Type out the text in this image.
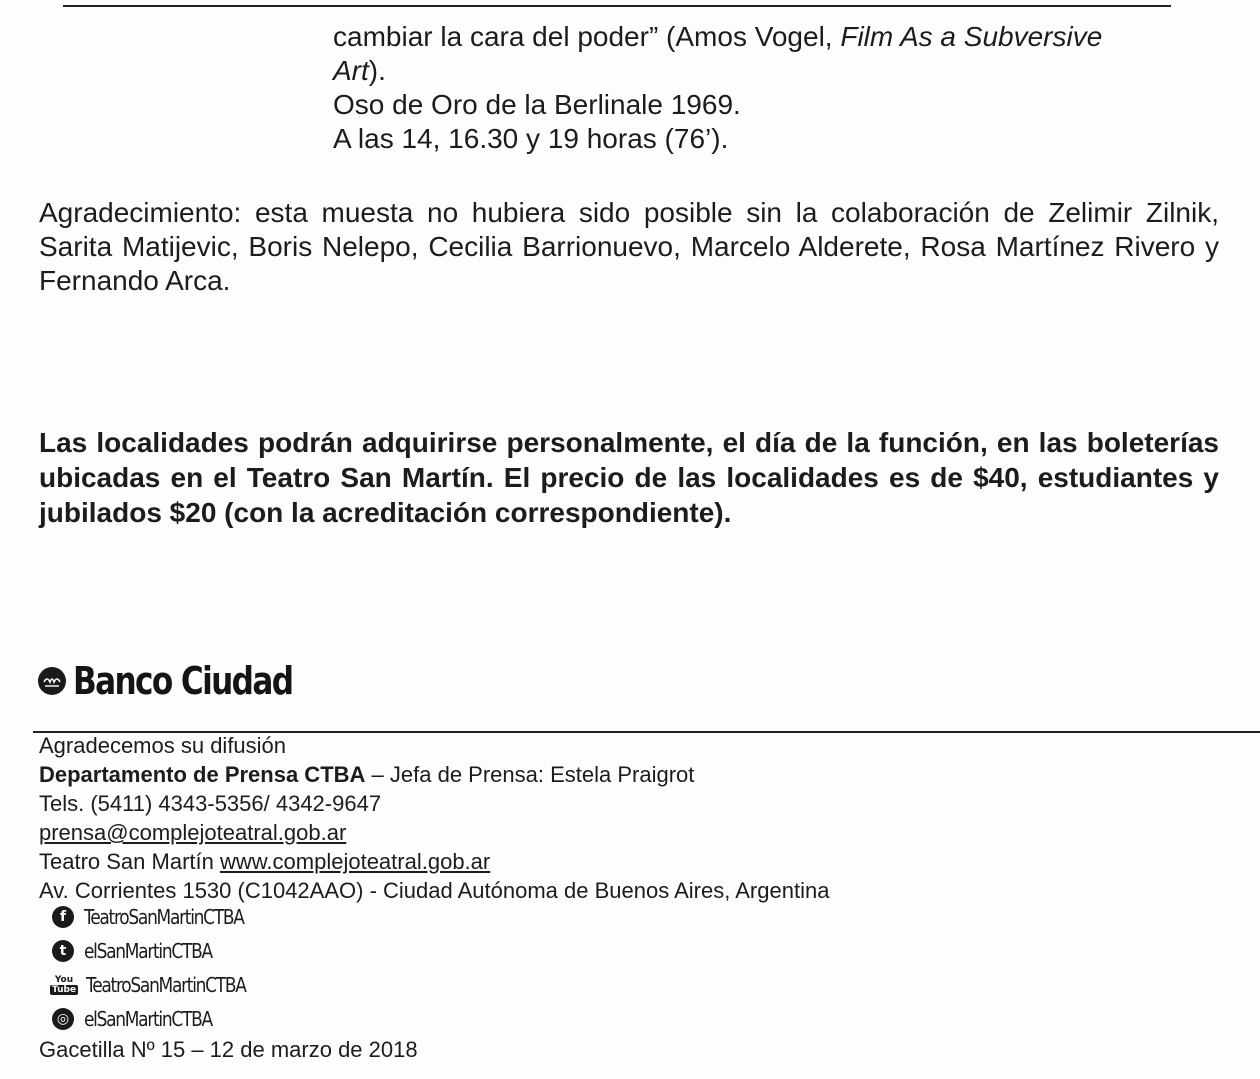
cambiar la cara del poder” (Amos Vogel, Film As a Subversive

Art).

Oso de Oro de la Berlinale 1969.

A las 14, 16.30 y 19 horas (76’).

Agradecimiento: esta muesta no hubiera sido posible sin la colaboración de Zelimir Zilnik, Sarita Matijevic, Boris Nelepo, Cecilia Barrionuevo, Marcelo Alderete, Rosa Martínez Rivero y Fernando Arca.

Las localidades podrán adquirirse personalmente, el día de la función, en las boleterías ubicadas en el Teatro San Martín. El precio de las localidades es de $40, estudiantes y jubilados $20 (con la acreditación correspondiente).

Banco Ciudad
Agradecemos su difusión
Departamento de Prensa CTBA – Jefa de Prensa: Estela Praigrot
Tels. (5411) 4343-5356/ 4342-9647
prensa@complejoteatral.gob.ar
Teatro San Martín www.complejoteatral.gob.ar
Av. Corrientes 1530 (C1042AAO) - Ciudad Autónoma de Buenos Aires, Argentina
f TeatroSanMartinCTBA
t elSanMartinCTBA
You
Tube TeatroSanMartinCTBA
◎ elSanMartinCTBA
Gacetilla Nº 15 – 12 de marzo de 2018
